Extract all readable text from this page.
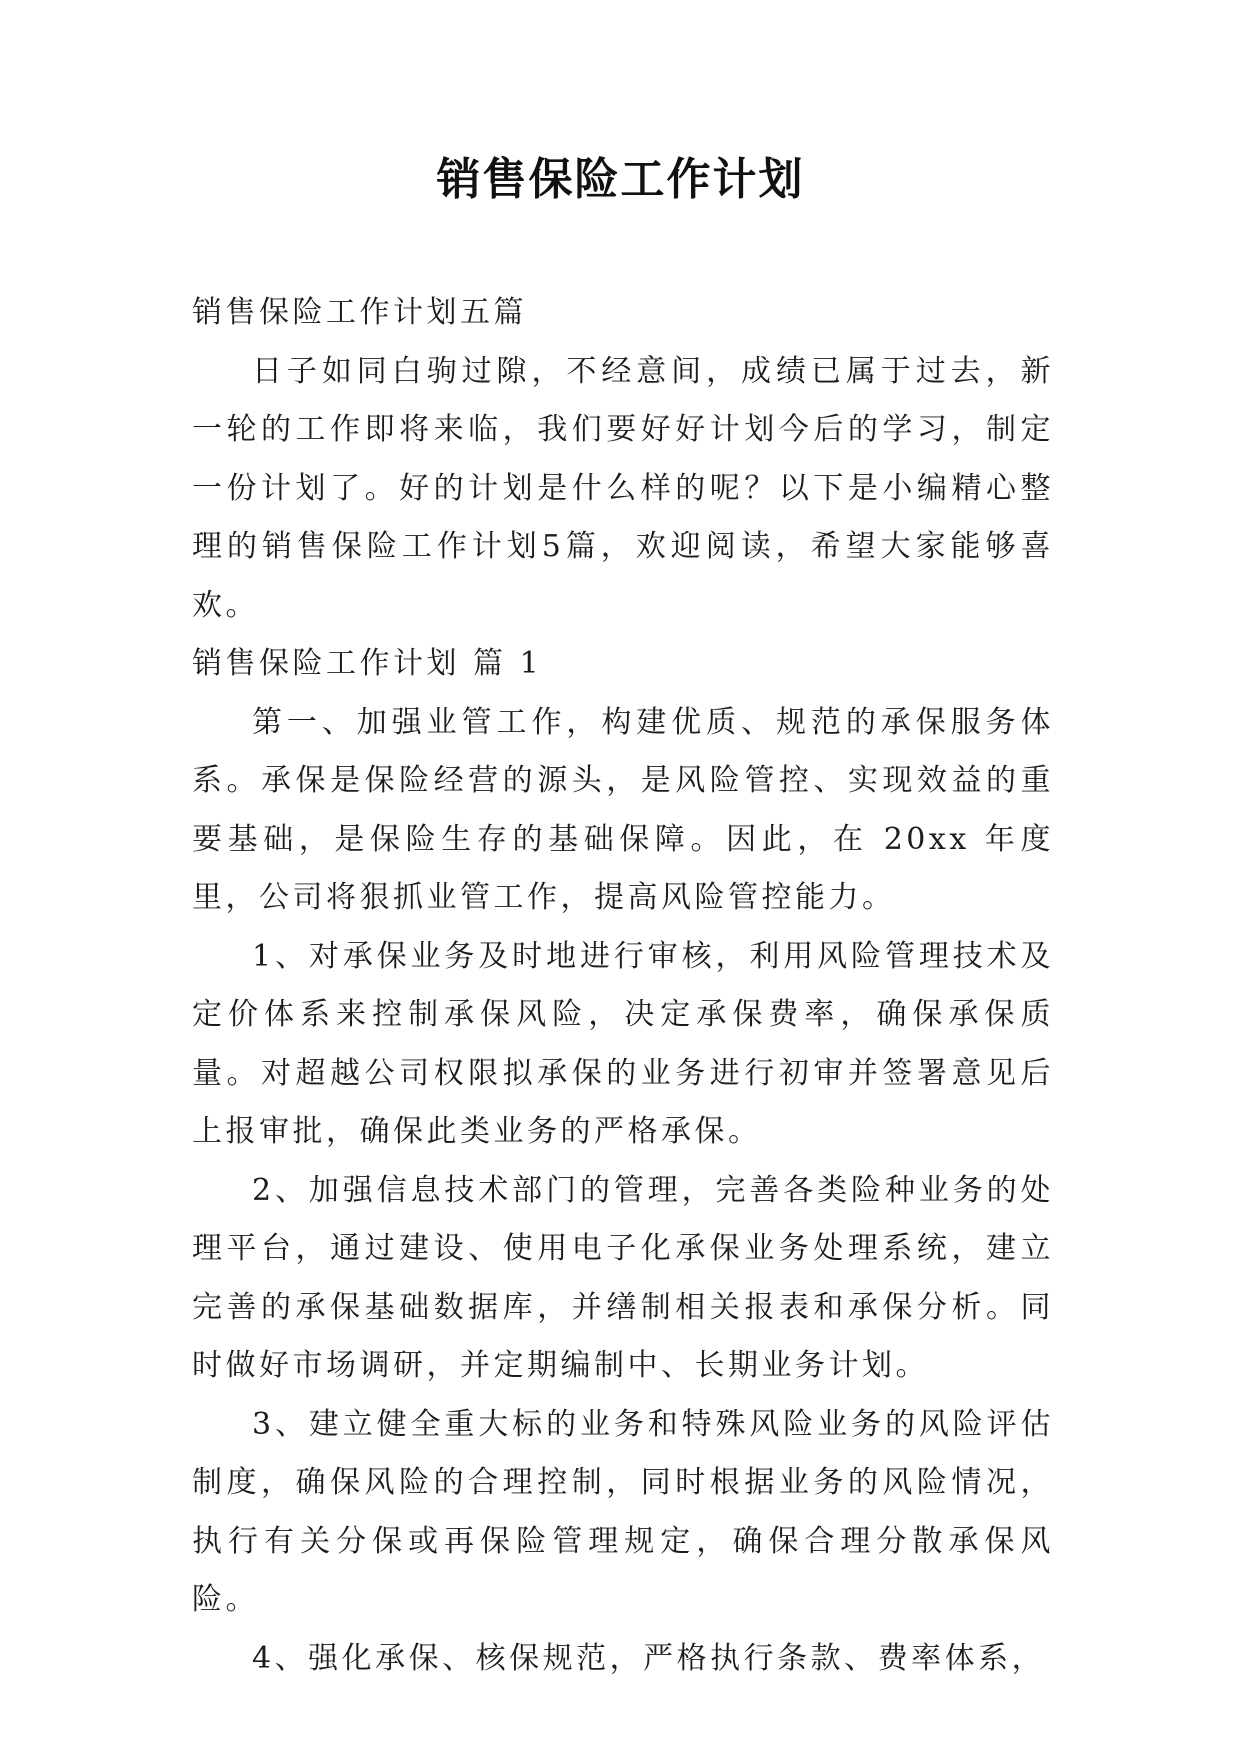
销售保险工作计划

销售保险工作计划五篇

日子如同白驹过隙，不经意间，成绩已属于过去，新一轮的工作即将来临，我们要好好计划今后的学习，制定一份计划了。好的计划是什么样的呢？以下是小编精心整理的销售保险工作计划5篇，欢迎阅读，希望大家能够喜欢。

销售保险工作计划 篇 1

第一、加强业管工作，构建优质、规范的承保服务体系。承保是保险经营的源头，是风险管控、实现效益的重要基础，是保险生存的基础保障。因此，在 20xx 年度里，公司将狠抓业管工作，提高风险管控能力。

1、对承保业务及时地进行审核，利用风险管理技术及定价体系来控制承保风险，决定承保费率，确保承保质量。对超越公司权限拟承保的业务进行初审并签署意见后上报审批，确保此类业务的严格承保。

2、加强信息技术部门的管理，完善各类险种业务的处理平台，通过建设、使用电子化承保业务处理系统，建立完善的承保基础数据库，并缮制相关报表和承保分析。同时做好市场调研，并定期编制中、长期业务计划。

3、建立健全重大标的业务和特殊风险业务的风险评估制度，确保风险的合理控制，同时根据业务的风险情况，执行有关分保或再保险管理规定，确保合理分散承保风险。

4、强化承保、核保规范，严格执行条款、费率体系，
